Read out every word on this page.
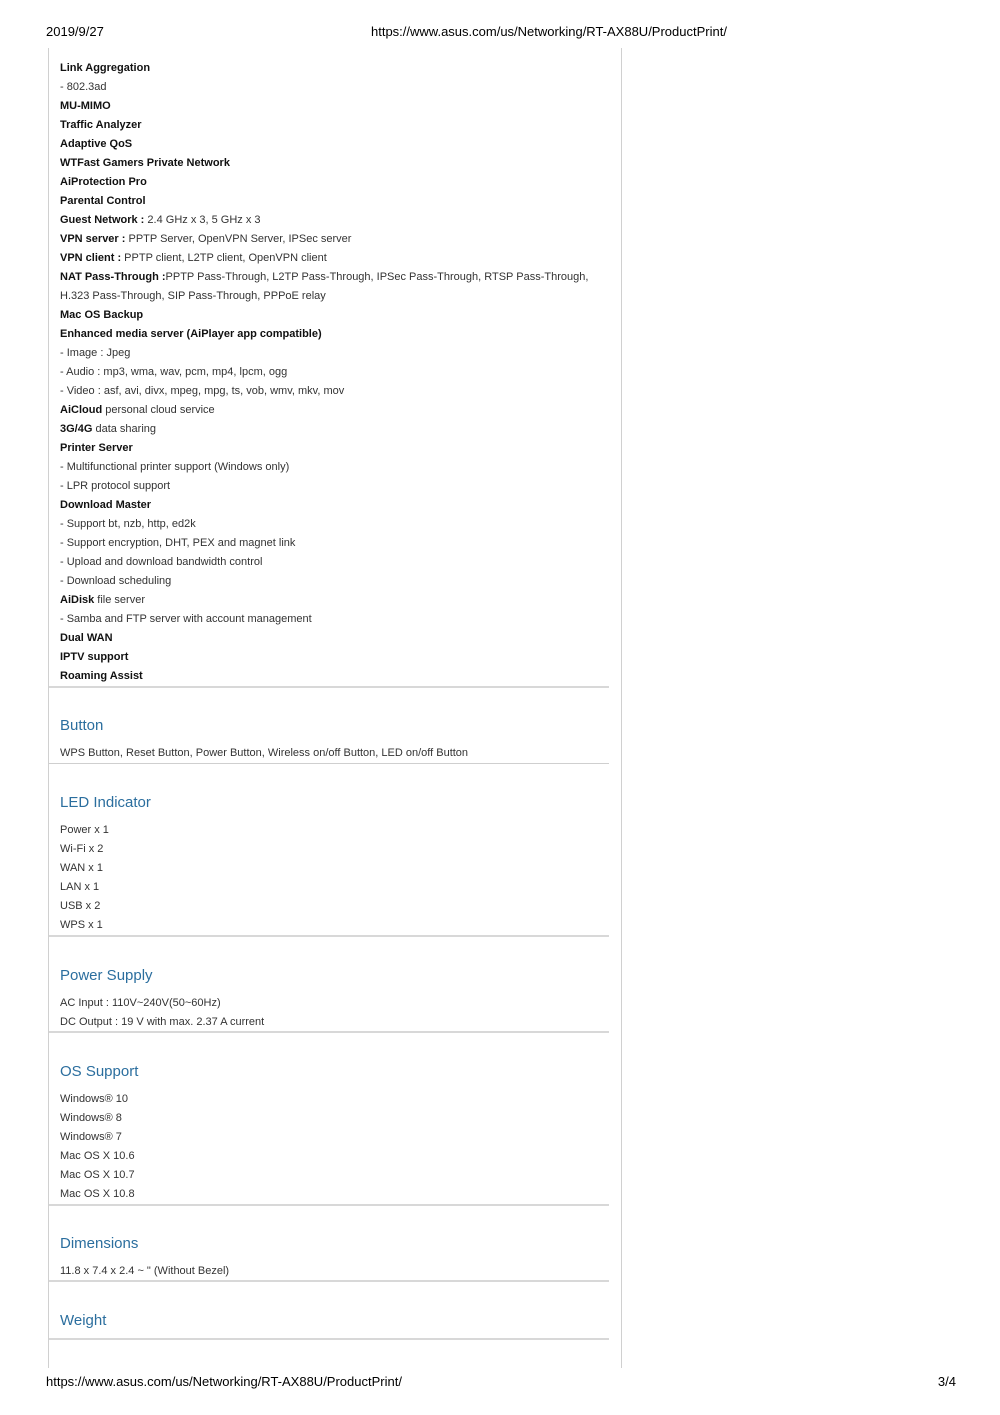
2019/9/27	https://www.asus.com/us/Networking/RT-AX88U/ProductPrint/
Link Aggregation
- 802.3ad
MU-MIMO
Traffic Analyzer
Adaptive QoS
WTFast Gamers Private Network
AiProtection Pro
Parental Control
Guest Network : 2.4 GHz x 3, 5 GHz x 3
VPN server : PPTP Server, OpenVPN Server, IPSec server
VPN client : PPTP client, L2TP client, OpenVPN client
NAT Pass-Through :PPTP Pass-Through, L2TP Pass-Through, IPSec Pass-Through, RTSP Pass-Through,
H.323 Pass-Through, SIP Pass-Through, PPPoE relay
Mac OS Backup
Enhanced media server (AiPlayer app compatible)
- Image : Jpeg
- Audio : mp3, wma, wav, pcm, mp4, lpcm, ogg
- Video : asf, avi, divx, mpeg, mpg, ts, vob, wmv, mkv, mov
AiCloud personal cloud service
3G/4G data sharing
Printer Server
- Multifunctional printer support (Windows only)
- LPR protocol support
Download Master
- Support bt, nzb, http, ed2k
- Support encryption, DHT, PEX and magnet link
- Upload and download bandwidth control
- Download scheduling
AiDisk file server
- Samba and FTP server with account management
Dual WAN
IPTV support
Roaming Assist
Button
WPS Button, Reset Button, Power Button, Wireless on/off Button, LED on/off Button
LED Indicator
Power x 1
Wi-Fi x 2
WAN x 1
LAN x 1
USB x 2
WPS x 1
Power Supply
AC Input : 110V~240V(50~60Hz)
DC Output : 19 V with max. 2.37 A current
OS Support
Windows® 10
Windows® 8
Windows® 7
Mac OS X 10.6
Mac OS X 10.7
Mac OS X 10.8
Dimensions
11.8 x 7.4 x 2.4 ~ " (Without Bezel)
Weight
https://www.asus.com/us/Networking/RT-AX88U/ProductPrint/	3/4
